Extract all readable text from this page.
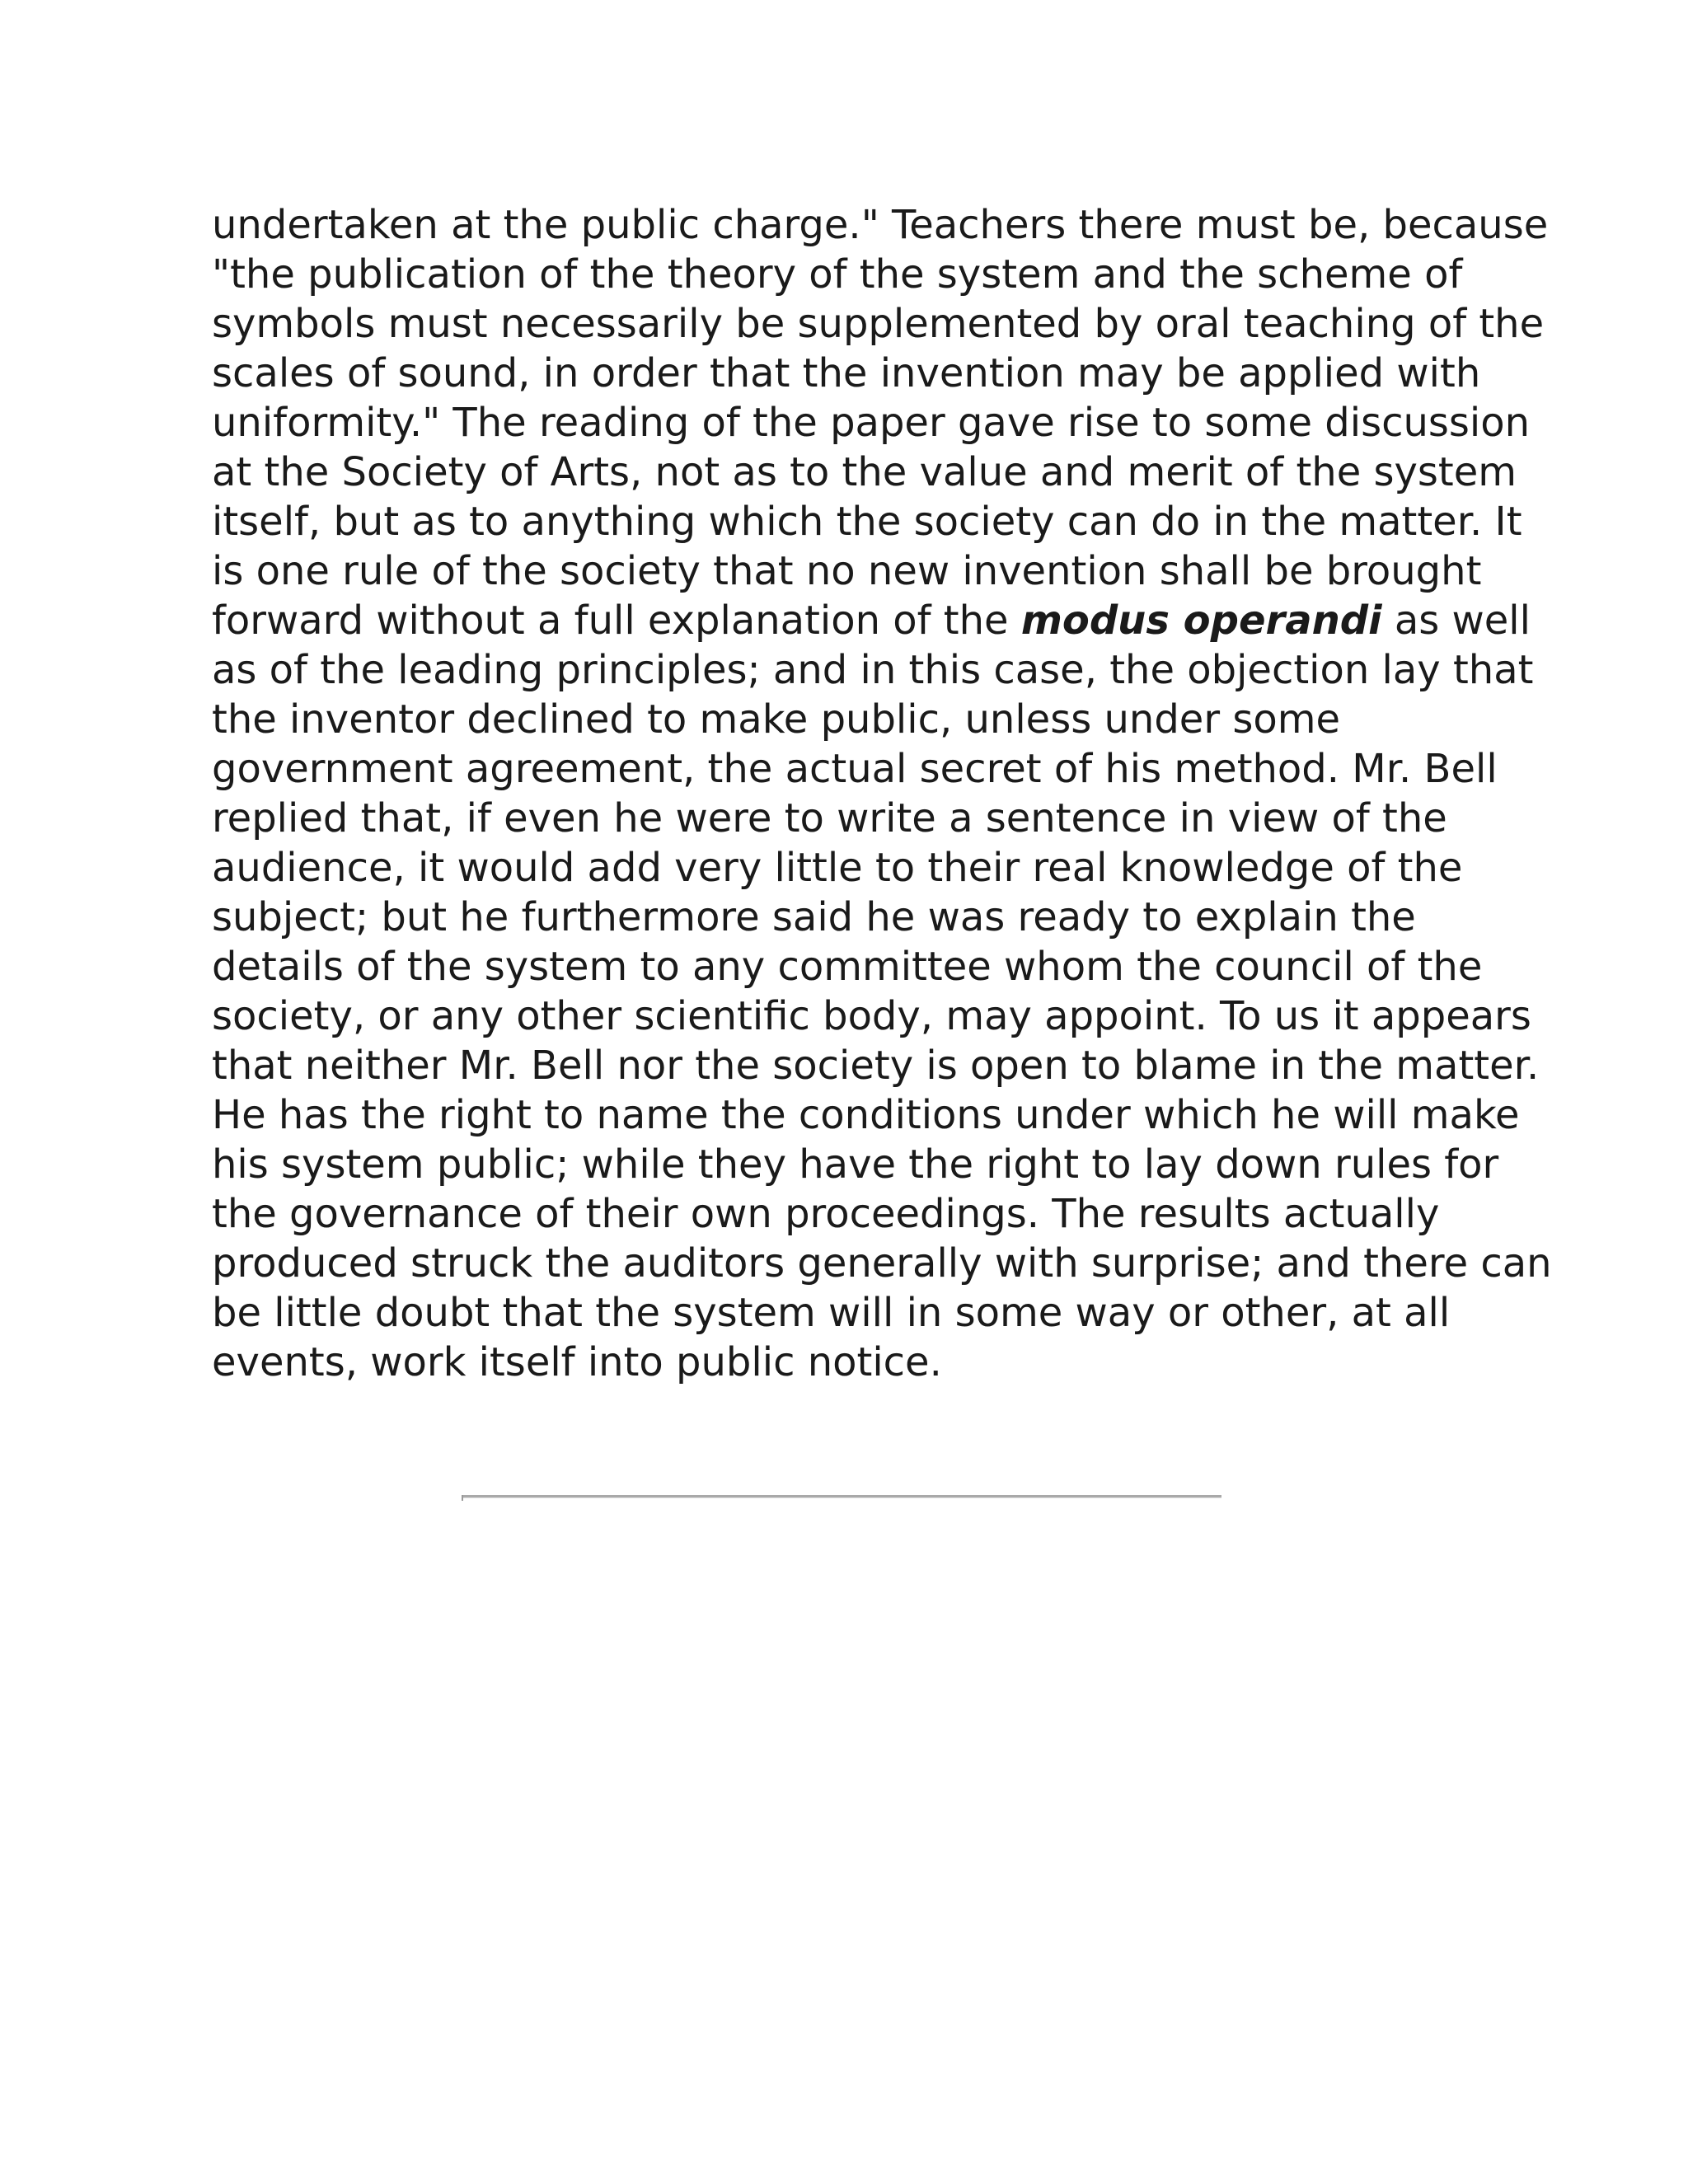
undertaken at the public charge." Teachers there must be, because
"the publication of the theory of the system and the scheme of
symbols must necessarily be supplemented by oral teaching of the
scales of sound, in order that the invention may be applied with
uniformity." The reading of the paper gave rise to some discussion
at the Society of Arts, not as to the value and merit of the system
itself, but as to anything which the society can do in the matter. It
is one rule of the society that no new invention shall be brought
forward without a full explanation of the modus operandi as well
as of the leading principles; and in this case, the objection lay that
the inventor declined to make public, unless under some
government agreement, the actual secret of his method. Mr. Bell
replied that, if even he were to write a sentence in view of the
audience, it would add very little to their real knowledge of the
subject; but he furthermore said he was ready to explain the
details of the system to any committee whom the council of the
society, or any other scientific body, may appoint. To us it appears
that neither Mr. Bell nor the society is open to blame in the matter.
He has the right to name the conditions under which he will make
his system public; while they have the right to lay down rules for
the governance of their own proceedings. The results actually
produced struck the auditors generally with surprise; and there can
be little doubt that the system will in some way or other, at all
events, work itself into public notice.
